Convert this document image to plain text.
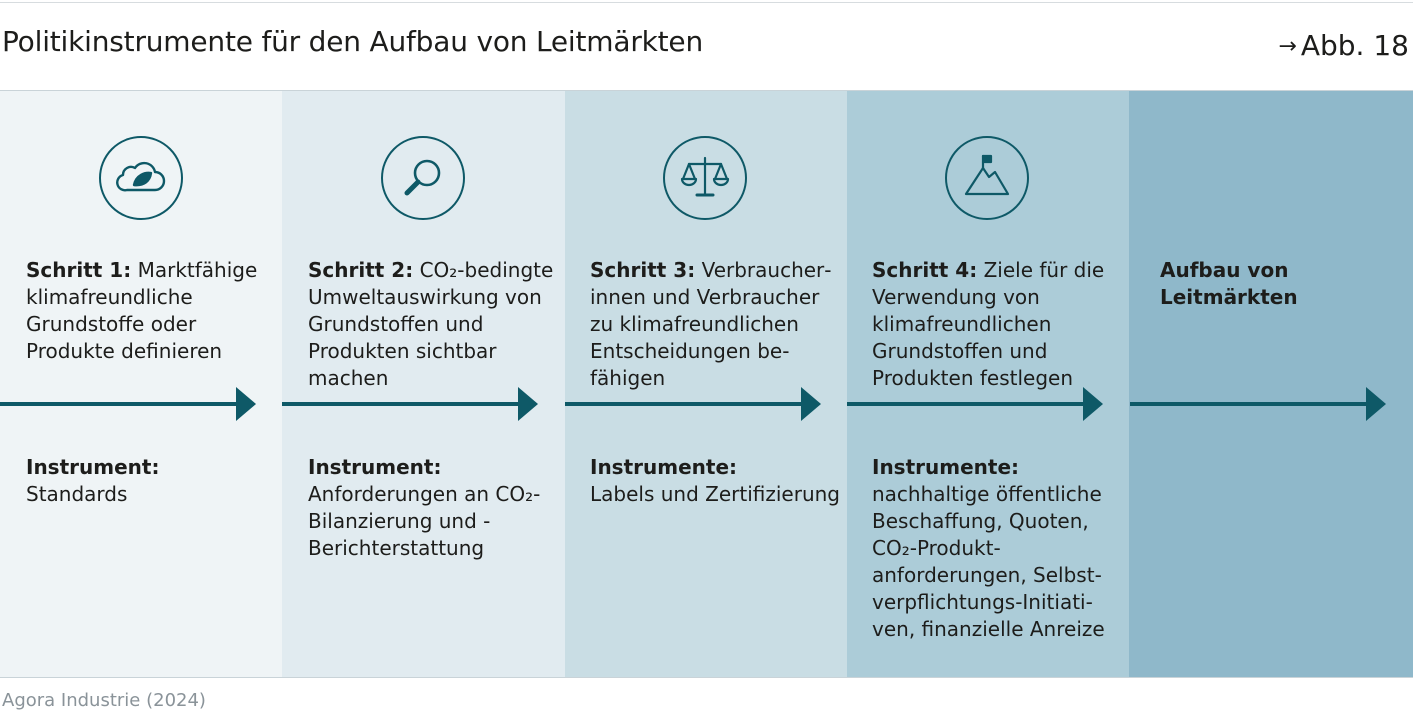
Politikinstrumente für den Aufbau von Leitmärkten	→ Abb. 18
Schritt 1: Marktfähige klimafreundliche Grundstoffe oder Produkte definieren
Instrument:
Standards
Schritt 2: CO₂-bedingte Umweltauswirkung von Grundstoffen und Produkten sichtbar machen
Instrument:
Anforderungen an CO₂-Bilanzierung und -Berichterstattung
Schritt 3: Verbraucherinnen und Verbraucher zu klimafreundlichen Entscheidungen befähigen
Instrumente:
Labels und Zertifizierung
Schritt 4: Ziele für die Verwendung von klimafreundlichen Grundstoffen und Produkten festlegen
Instrumente:
nachhaltige öffentliche Beschaffung, Quoten, CO₂-Produktanforderungen, Selbstverpflichtungs-Initiativen, finanzielle Anreize
Aufbau von Leitmärkten
Agora Industrie (2024)
